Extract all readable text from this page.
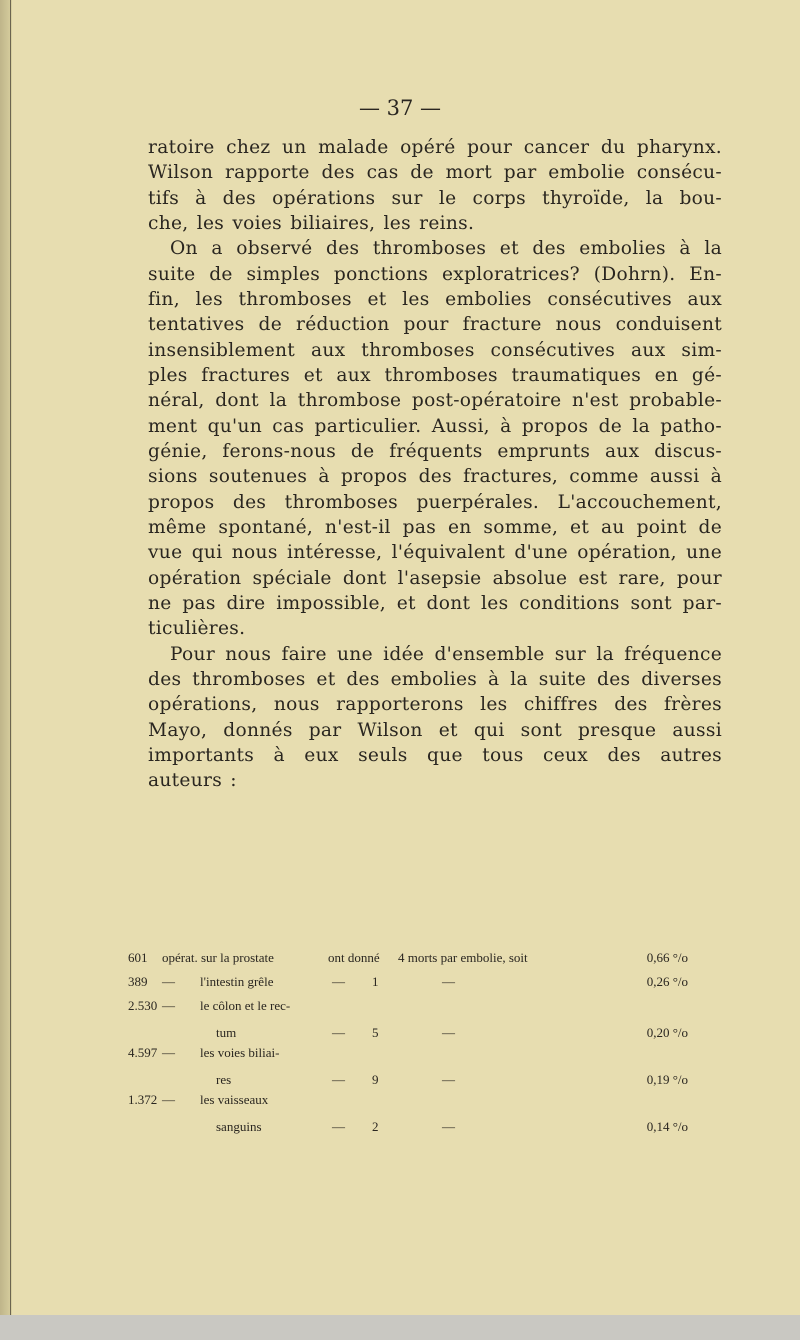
— 37 —
ratoire chez un malade opéré pour cancer du pharynx.
Wilson rapporte des cas de mort par embolie consécu-
tifs à des opérations sur le corps thyroïde, la bou-
che, les voies biliaires, les reins.
On a observé des thromboses et des embolies à la
suite de simples ponctions exploratrices? (Dohrn). En-
fin, les thromboses et les embolies consécutives aux
tentatives de réduction pour fracture nous conduisent
insensiblement aux thromboses consécutives aux sim-
ples fractures et aux thromboses traumatiques en gé-
néral, dont la thrombose post-opératoire n'est probable-
ment qu'un cas particulier. Aussi, à propos de la patho-
génie, ferons-nous de fréquents emprunts aux discus-
sions soutenues à propos des fractures, comme aussi à
propos des thromboses puerpérales. L'accouchement,
même spontané, n'est-il pas en somme, et au point de
vue qui nous intéresse, l'équivalent d'une opération, une
opération spéciale dont l'asepsie absolue est rare, pour
ne pas dire impossible, et dont les conditions sont par-
ticulières.
Pour nous faire une idée d'ensemble sur la fréquence
des thromboses et des embolies à la suite des diverses
opérations, nous rapporterons les chiffres des frères
Mayo, donnés par Wilson et qui sont presque aussi
importants à eux seuls que tous ceux des autres
auteurs :
601 opérat. sur la prostate	ont donné 4 morts par embolie, soit	0,66 °/o
389 — l'intestin grêle	— 1	—	0,26 °/o
2.530 — le côlon et le rec-
tum	— 5	—	0,20 °/o
4.597 — les voies biliai-
res	— 9	—	0,19 °/o
1.372 — les vaisseaux
sanguins	— 2	—	0,14 °/o
